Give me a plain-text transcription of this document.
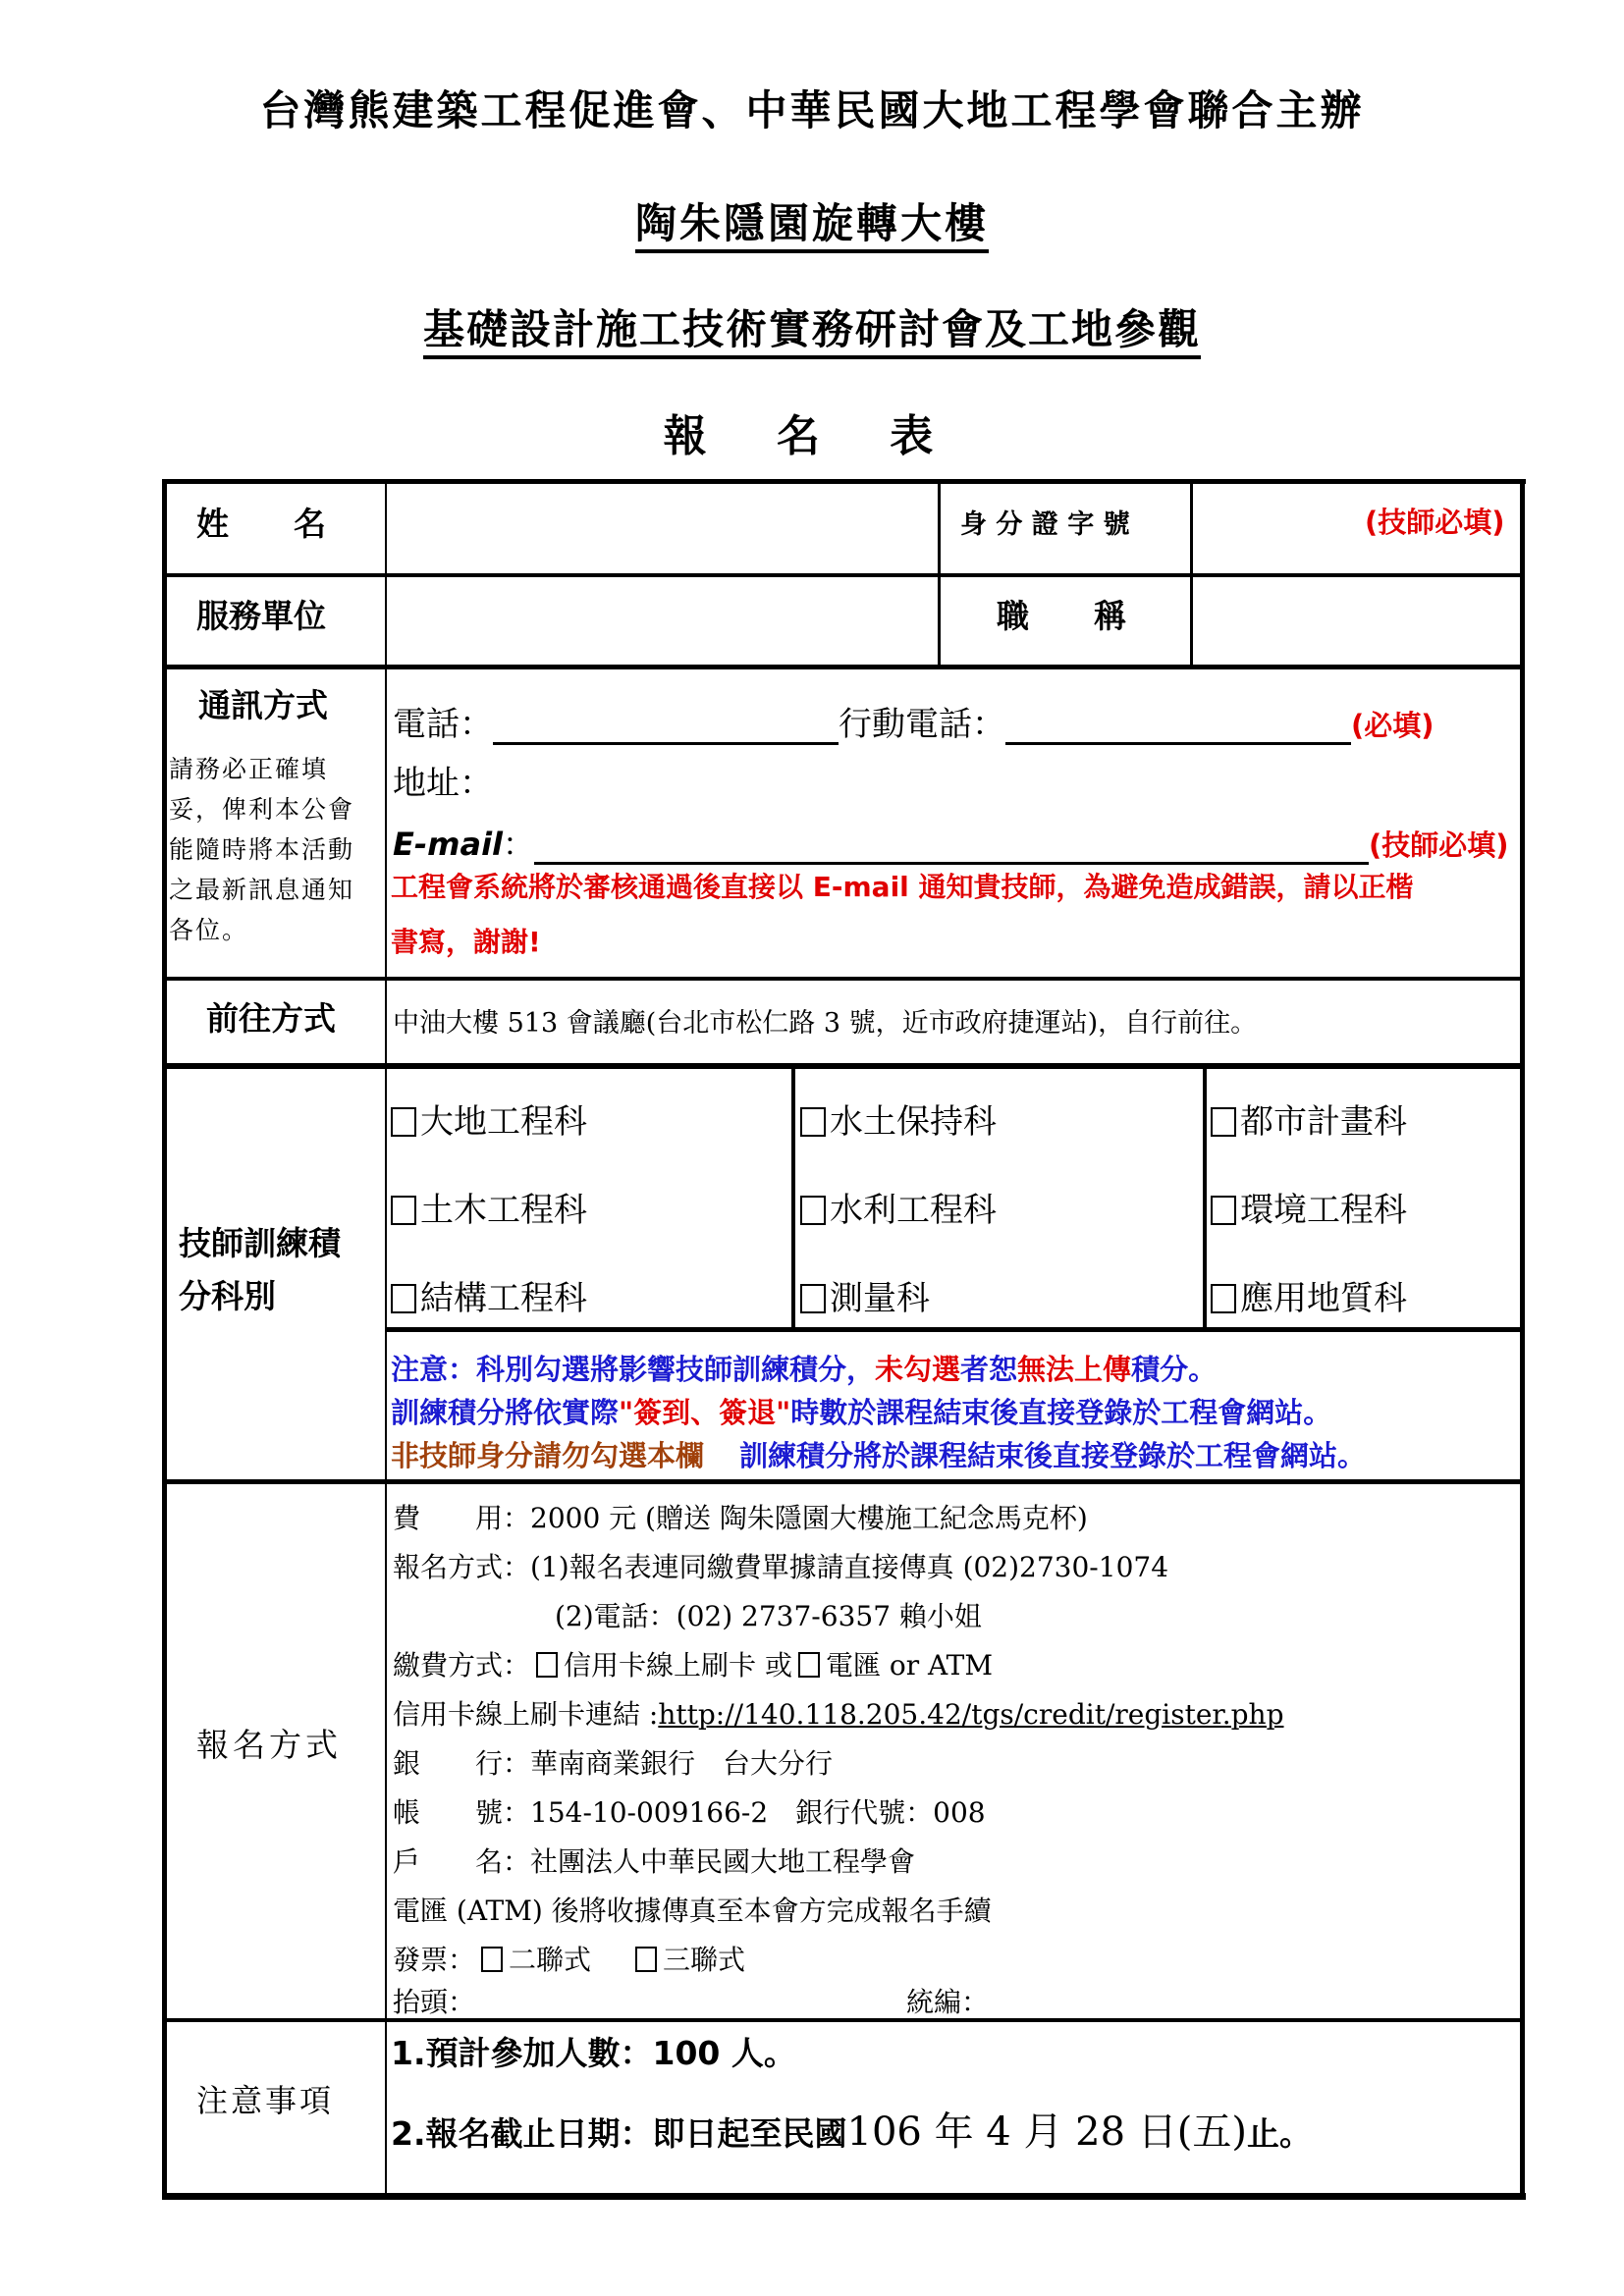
台灣熊建築工程促進會、中華民國大地工程學會聯合主辦
陶朱隱園旋轉大樓
基礎設計施工技術實務研討會及工地參觀
報 名 表
姓　　名	身 分 證 字 號	(技師必填)
服務單位	職　　稱
通訊方式
請務必正確填
妥，俾利本公會
能隨時將本活動
之最新訊息通知
各位。
電話：	行動電話：	(必填)
地址：
E-mail：	(技師必填)
工程會系統將於審核通過後直接以 E-mail 通知貴技師，為避免造成錯誤，請以正楷
書寫，謝謝!
前往方式 中油大樓 513 會議廳(台北市松仁路 3 號，近市政府捷運站)，自行前往。
技師訓練積
分科別
大地工程科	水土保持科	都市計畫科
土木工程科	水利工程科	環境工程科
結構工程科	測量科	應用地質科
注意：科別勾選將影響技師訓練積分，未勾選者恕無法上傳積分。
訓練積分將依實際"簽到、簽退"時數於課程結束後直接登錄於工程會網站。
非技師身分請勿勾選本欄 訓練積分將於課程結束後直接登錄於工程會網站。
報名方式
費　　用：2000 元 (贈送 陶朱隱園大樓施工紀念馬克杯)
報名方式：(1)報名表連同繳費單據請直接傳真 (02)2730-1074
(2)電話：(02) 2737-6357 賴小姐
繳費方式： 信用卡線上刷卡 或 電匯 or ATM
信用卡線上刷卡連結 :http://140.118.205.42/tgs/credit/register.php
銀　　行：華南商業銀行　台大分行
帳　　號：154-10-009166-2　銀行代號：008
戶　　名：社團法人中華民國大地工程學會
電匯 (ATM) 後將收據傳真至本會方完成報名手續
發票： 二聯式	三聯式
抬頭：	統編：
注意事項
1.預計參加人數：100 人。
2.報名截止日期：即日起至民國106 年 4 月 28 日(五)止。
